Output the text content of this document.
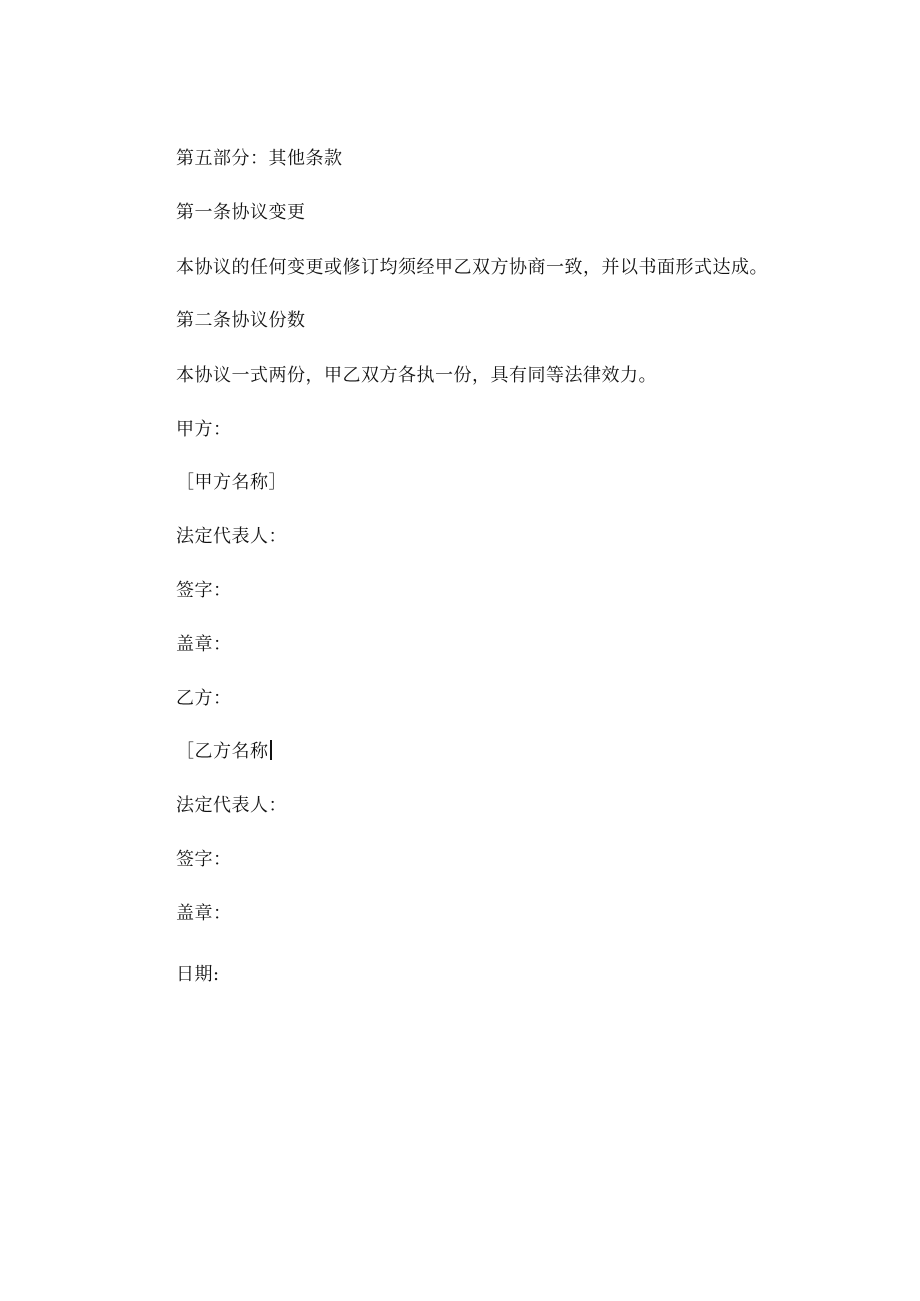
第五部分：其他条款
第一条协议变更
本协议的任何变更或修订均须经甲乙双方协商一致，并以书面形式达成。
第二条协议份数
本协议一式两份，甲乙双方各执一份，具有同等法律效力。
甲方：
［甲方名称］
法定代表人：
签字：
盖章：
乙方：
［乙方名称
法定代表人：
签字：
盖章：
日期:
